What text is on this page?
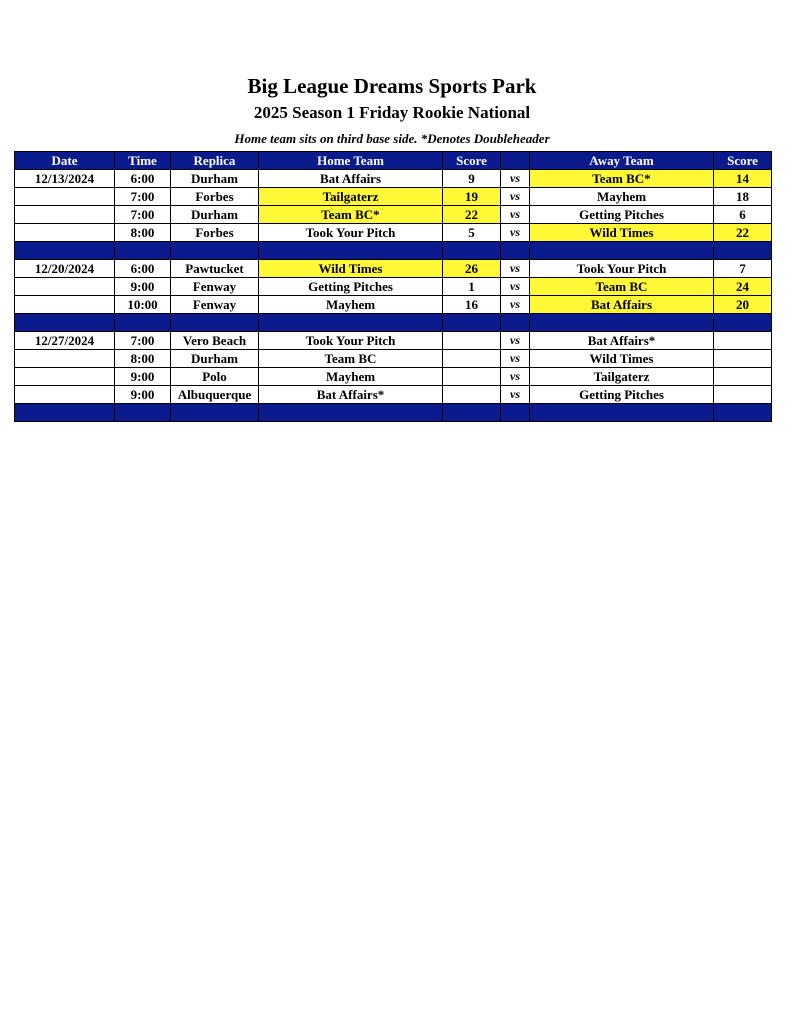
Big League Dreams Sports Park
2025 Season 1 Friday Rookie National
Home team sits on third base side. *Denotes Doubleheader
Date	Time	Replica	Home Team	Score		Away Team	Score
12/13/2024	6:00	Durham	Bat Affairs	9	vs	Team BC*	14
	7:00	Forbes	Tailgaterz	19	vs	Mayhem	18
	7:00	Durham	Team BC*	22	vs	Getting Pitches	6
	8:00	Forbes	Took Your Pitch	5	vs	Wild Times	22

12/20/2024	6:00	Pawtucket	Wild Times	26	vs	Took Your Pitch	7
	9:00	Fenway	Getting Pitches	1	vs	Team BC	24
	10:00	Fenway	Mayhem	16	vs	Bat Affairs	20

12/27/2024	7:00	Vero Beach	Took Your Pitch		vs	Bat Affairs*	
	8:00	Durham	Team BC		vs	Wild Times	
	9:00	Polo	Mayhem		vs	Tailgaterz	
	9:00	Albuquerque	Bat Affairs*		vs	Getting Pitches	
